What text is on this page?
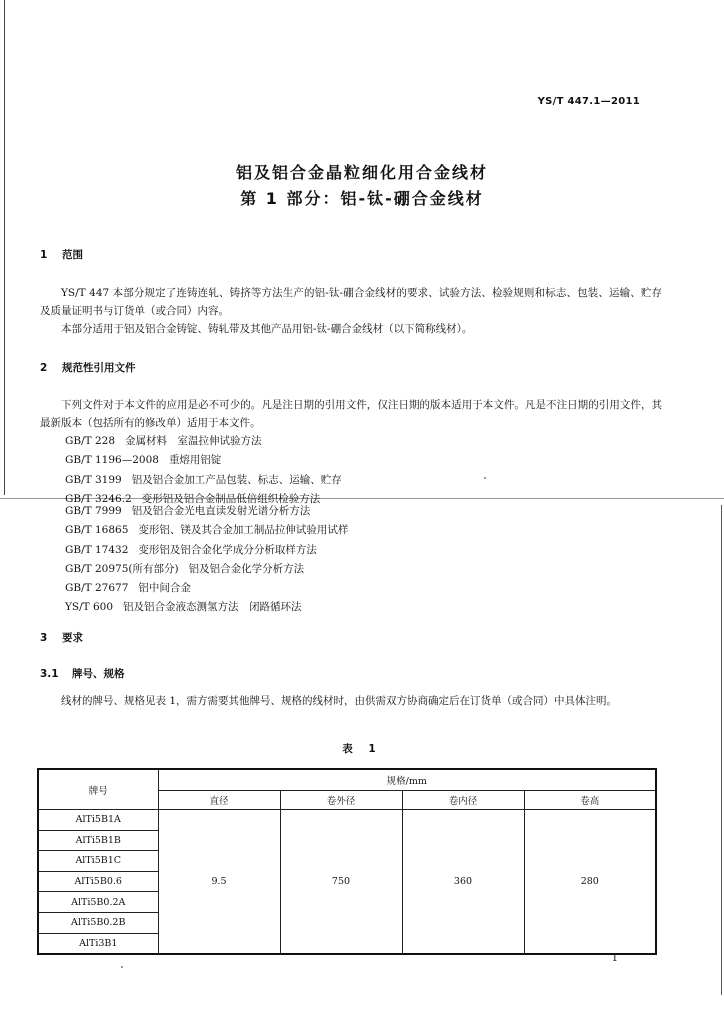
YS/T 447.1—2011
铝及铝合金晶粒细化用合金线材
第 1 部分：铝-钛-硼合金线材
1 范围

YS/T 447 本部分规定了连铸连轧、铸挤等方法生产的铝-钛-硼合金线材的要求、试验方法、检验规则和标志、包装、运输、贮存及质量证明书与订货单（或合同）内容。

本部分适用于铝及铝合金铸锭、铸轧带及其他产品用铝-钛-硼合金线材（以下简称线材）。

2 规范性引用文件

下列文件对于本文件的应用是必不可少的。凡是注日期的引用文件，仅注日期的版本适用于本文件。凡是不注日期的引用文件，其最新版本（包括所有的修改单）适用于本文件。

GB/T 228 金属材料　室温拉伸试验方法
GB/T 1196—2008 重熔用铝锭
GB/T 3199 铝及铝合金加工产品包装、标志、运输、贮存
GB/T 3246.2 变形铝及铝合金制品低倍组织检验方法
GB/T 7999 铝及铝合金光电直读发射光谱分析方法
GB/T 16865 变形铝、镁及其合金加工制品拉伸试验用试样
GB/T 17432 变形铝及铝合金化学成分分析取样方法
GB/T 20975(所有部分) 铝及铝合金化学分析方法
GB/T 27677 铝中间合金
YS/T 600 铝及铝合金液态测氢方法　闭路循环法
3 要求
3.1 牌号、规格

线材的牌号、规格见表 1，需方需要其他牌号、规格的线材时，由供需双方协商确定后在订货单（或合同）中具体注明。

表 1
牌号	规格/mm			
	直径	卷外径	卷内径	卷高
AlTi5B1A	9.5	750	360	280
AlTi5B1B				
AlTi5B1C				
AlTi5B0.6				
AlTi5B0.2A				
AlTi5B0.2B				
AlTi3B1				
1
